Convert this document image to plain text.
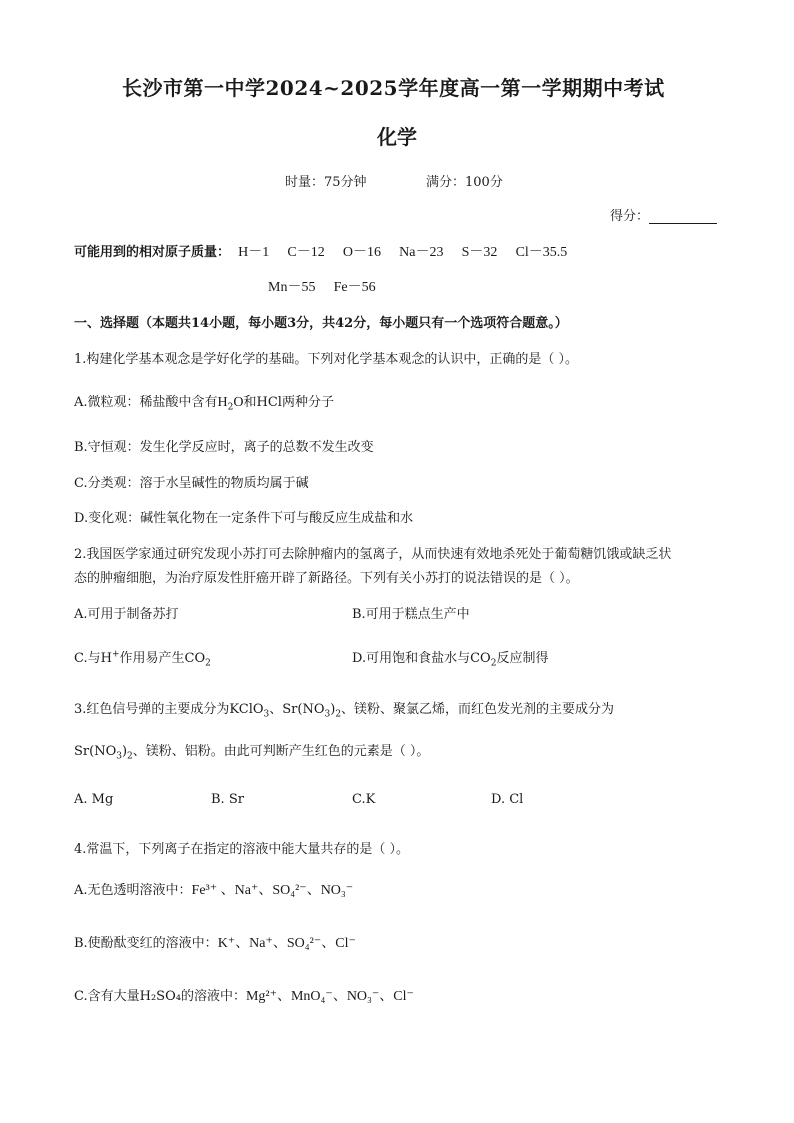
长沙市第一中学2024~2025学年度高一第一学期期中考试
化学
时量：75分钟	满分：100分
得分：
可能用到的相对原子质量： H－1 C－12 O－16 Na－23 S－32 Cl－35.5
Mn－55 Fe－56
一、选择题（本题共14小题，每小题3分，共42分，每小题只有一个选项符合题意。）
1.构建化学基本观念是学好化学的基础。下列对化学基本观念的认识中，正确的是（ ）。
A.微粒观：稀盐酸中含有$H_2O$和HCl两种分子
B.守恒观：发生化学反应时，离子的总数不发生改变
C.分类观：溶于水呈碱性的物质均属于碱
D.变化观：碱性氧化物在一定条件下可与酸反应生成盐和水
2.我国医学家通过研究发现小苏打可去除肿瘤内的氢离子，从而快速有效地杀死处于葡萄糖饥饿或缺乏状
态的肿瘤细胞，为治疗原发性肝癌开辟了新路径。下列有关小苏打的说法错误的是（ ）。
A.可用于制备苏打	B.可用于糕点生产中
C.与H+作用易产生$CO_2$	D.可用饱和食盐水与$CO_2$反应制得
3.红色信号弹的主要成分为KClO$_3$、$Sr(NO_3)_2$、镁粉、聚氯乙烯，而红色发光剂的主要成分为
$Sr(NO_3)_2$、镁粉、铝粉。由此可判断产生红色的元素是（ ）。
A. Mg	B. Sr	C.K	D. Cl
4.常温下，下列离子在指定的溶液中能大量共存的是（ ）。
A.无色透明溶液中：Fe³⁺ 、Na⁺、SO₄²⁻、NO₃⁻
B.使酚酞变红的溶液中：K⁺、Na⁺、SO₄²⁻、Cl⁻
C.含有大量H₂SO₄的溶液中：Mg²⁺、MnO₄⁻、NO₃⁻、Cl⁻
